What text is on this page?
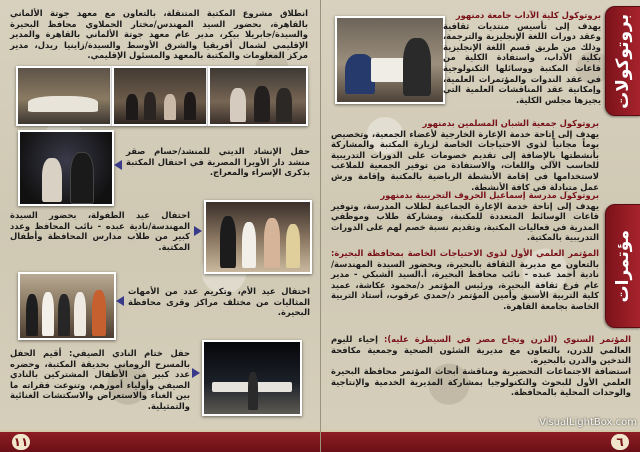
انطلاق مشروع المكتبة المتنقلة، بالتعاون مع معهد جوتة الألماني بالقاهرة، بحضور السيد المهندس/مختار الحملاوي محافظ البحيرة والسيدة/جابريلا بيكر، مدير عام معهد جوتة الألماني بالقاهرة والمدير الإقليمي لشمال أفريقيا والشرق الأوسط والسيدة/زاينيا ريدل، مدير مركز المعلومات والمكتبة بالمعهد والمسئول الإقليمي.
حفل الإنشاد الديني للمنشد/حسام صقر منشد دار الأوبرا المصرية في احتفال المكتبة بذكرى الإسراء والمعراج.
احتفال عيد الطفولة، بحضور السيدة المهندسة/نادية عبده - نائب المحافظ وعدد كبير من طلاب مدارس المحافظة وأطفال المكتبة.
احتفال عيد الأم، وتكريم عدد من الأمهات المثاليات من مختلف مراكز وقرى محافظة البحيرة.
حفل ختام النادي الصيفي: أقيم الحفل بالمسرح الروماني بحديقة المكتبة، وحضره عدد كبير من الأطفال المشتركين بالنادي الصيفي وأولياء أمورهم، وتنوعت فقراته ما بين الغناء والاستعراض والاسكتشات الغنائية والتمثيلية.
١١
بروتوكولات
مؤتمرات
بروتوكول كلية الآداب جامعة دمنهور
يهدف إلى تأسيس منتديات ثقافية وعقد دورات اللغة الإنجليزية والترجمة، وذلك من طريق قسم اللغة الإنجليزية بكلية الآداب، واستفادة الكلية من قاعات المكتبة ووسائلها التكنولوجية في عقد الندوات والمؤتمرات العلمية، وإمكانية عقد المناقشات العلمية التي يجيزها مجلس الكلية.
بروتوكول جمعية الشبان المسلمين بدمنهور
يهدف إلى إتاحة خدمة الإعارة الخارجية لأعضاء الجمعية، وتخصيص يوماً مجانياً لذوي الاحتياجات الخاصة لزيارة المكتبة والمشاركة بأنشطتها بالإضافة إلى تقديم خصومات على الدورات التدريبية للحاسب الآلي واللغات، والاستفادة من توفير الجمعية للملاعب لاستخدامها في إقامة الأنشطة الرياضية بالمكتبة وإقامة ورش عمل متبادلة في كافة الأنشطة.
بروتوكول مدرسة إسماعيل الحروف التجريبية بدمنهور
يهدف إلى إتاحة خدمة الإعارة الجماعية لطلاب المدرسة، وتوفير قاعات الوسائط المتعددة للمكتبة، ومشاركة طلاب وموظفي المدرية في فعاليات المكتبة، وتقديم نسبة خصم لهم على الدورات التدريبية بالمكتبة.
المؤتمر العلمي الأول لذوي الاحتياجات الخاصة بمحافظة البحيرة: بالتعاون مع مديرية الثقافة بالبحيرة، وبحضور السيدة المهندسة/نادية أحمد عبده - نائب محافظ البحيرة، أ.السيد الشبكي - مدير عام فرع ثقافة البحيرة، ورئيس المؤتمر د/محمود عكاشة، عميد كلية التربية الأسبق وأمين المؤتمر د/حمدي عرقوب، أستاذ التربية الخاصة بجامعة القاهرة.
المؤتمر السنوي (الدرن ونجاح مصر في السيطرة عليه): إحياء لليوم العالمي للدرن، بالتعاون مع مديرية الشئون الصحية وجمعية مكافحة التدخين والدرن بالبحيرة.
استضافة الاجتماعات التحضيرية ومناقشة أبحاث المؤتمر محافظة البحيرة العلمي الأول للبحوث والتكنولوجيا بمشاركة المديرية الخدمية والإنتاجية والوحدات المحلية بالمحافظة.
٦
VisualLightBox.com
